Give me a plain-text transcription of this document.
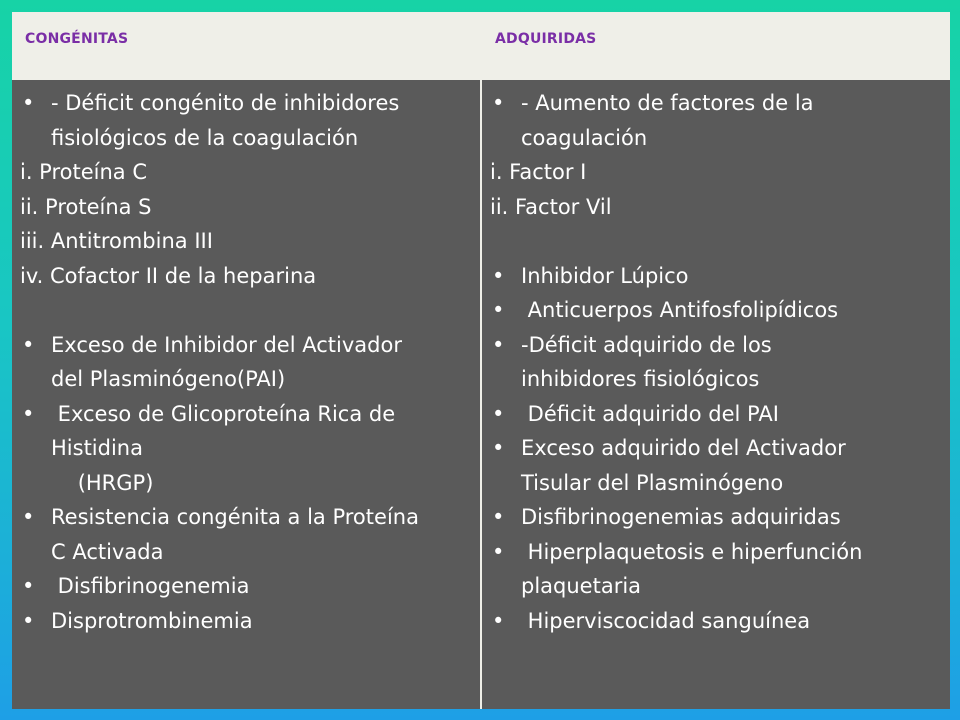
CONGÉNITAS	ADQUIRIDAS
• - Déficit congénito de inhibidores
fisiológicos de la coagulación
i. Proteína C
ii. Proteína S
iii. Antitrombina III
iv. Cofactor II de la heparina
• Exceso de Inhibidor del Activador
del Plasminógeno(PAI)
• Exceso de Glicoproteína Rica de
Histidina
(HRGP)
• Resistencia congénita a la Proteína
C Activada
• Disfibrinogenemia
• Disprotrombinemia
• - Aumento de factores de la
coagulación
i. Factor I
ii. Factor Vil
• Inhibidor Lúpico
• Anticuerpos Antifosfolipídicos
• -Déficit adquirido de los
inhibidores fisiológicos
• Déficit adquirido del PAI
• Exceso adquirido del Activador
Tisular del Plasminógeno
• Disfibrinogenemias adquiridas
• Hiperplaquetosis e hiperfunción
plaquetaria
• Hiperviscocidad sanguínea
